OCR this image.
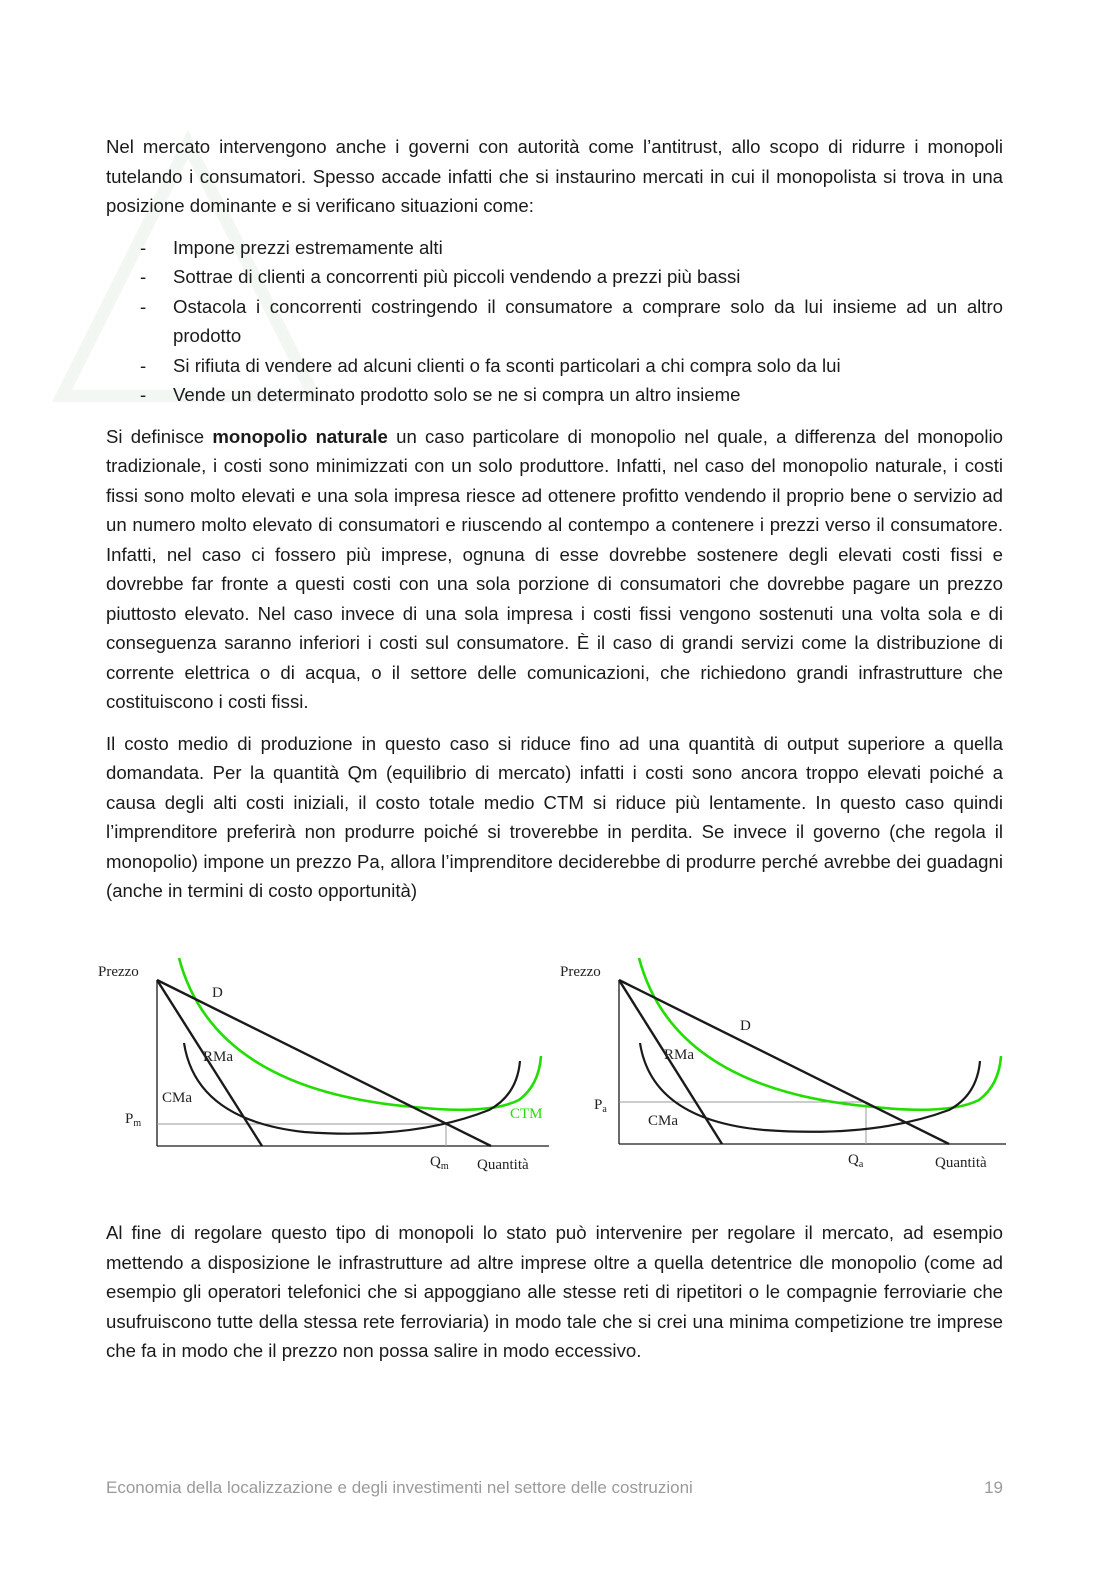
Nel mercato intervengono anche i governi con autorità come l’antitrust, allo scopo di ridurre i monopoli tutelando i consumatori. Spesso accade infatti che si instaurino mercati in cui il monopolista si trova in una posizione dominante e si verificano situazioni come:

- Impone prezzi estremamente alti
- Sottrae di clienti a concorrenti più piccoli vendendo a prezzi più bassi
- Ostacola i concorrenti costringendo il consumatore a comprare solo da lui insieme ad un altro prodotto
- Si rifiuta di vendere ad alcuni clienti o fa sconti particolari a chi compra solo da lui
- Vende un determinato prodotto solo se ne si compra un altro insieme

Si definisce monopolio naturale un caso particolare di monopolio nel quale, a differenza del monopolio tradizionale, i costi sono minimizzati con un solo produttore. Infatti, nel caso del monopolio naturale, i costi fissi sono molto elevati e una sola impresa riesce ad ottenere profitto vendendo il proprio bene o servizio ad un numero molto elevato di consumatori e riuscendo al contempo a contenere i prezzi verso il consumatore. Infatti, nel caso ci fossero più imprese, ognuna di esse dovrebbe sostenere degli elevati costi fissi e dovrebbe far fronte a questi costi con una sola porzione di consumatori che dovrebbe pagare un prezzo piuttosto elevato. Nel caso invece di una sola impresa i costi fissi vengono sostenuti una volta sola e di conseguenza saranno inferiori i costi sul consumatore. È il caso di grandi servizi come la distribuzione di corrente elettrica o di acqua, o il settore delle comunicazioni, che richiedono grandi infrastrutture che costituiscono i costi fissi.

Il costo medio di produzione in questo caso si riduce fino ad una quantità di output superiore a quella domandata. Per la quantità Qm (equilibrio di mercato) infatti i costi sono ancora troppo elevati poiché a causa degli alti costi iniziali, il costo totale medio CTM si riduce più lentamente. In questo caso quindi l’imprenditore preferirà non produrre poiché si troverebbe in perdita. Se invece il governo (che regola il monopolio) impone un prezzo Pa, allora l’imprenditore deciderebbe di produrre perché avrebbe dei guadagni (anche in termini di costo opportunità)

Prezzo
D
RMa
CMa
$P_m$
$Q_m$ Quantità
CTM
Prezzo
D
RMa
CMa
$P_a$
$Q_a$	Quantità

Al fine di regolare questo tipo di monopoli lo stato può intervenire per regolare il mercato, ad esempio mettendo a disposizione le infrastrutture ad altre imprese oltre a quella detentrice dle monopolio (come ad esempio gli operatori telefonici che si appoggiano alle stesse reti di ripetitori o le compagnie ferroviarie che usufruiscono tutte della stessa rete ferroviaria) in modo tale che si crei una minima competizione tre imprese che fa in modo che il prezzo non possa salire in modo eccessivo.

Economia della localizzazione e degli investimenti nel settore delle costruzioni	19
